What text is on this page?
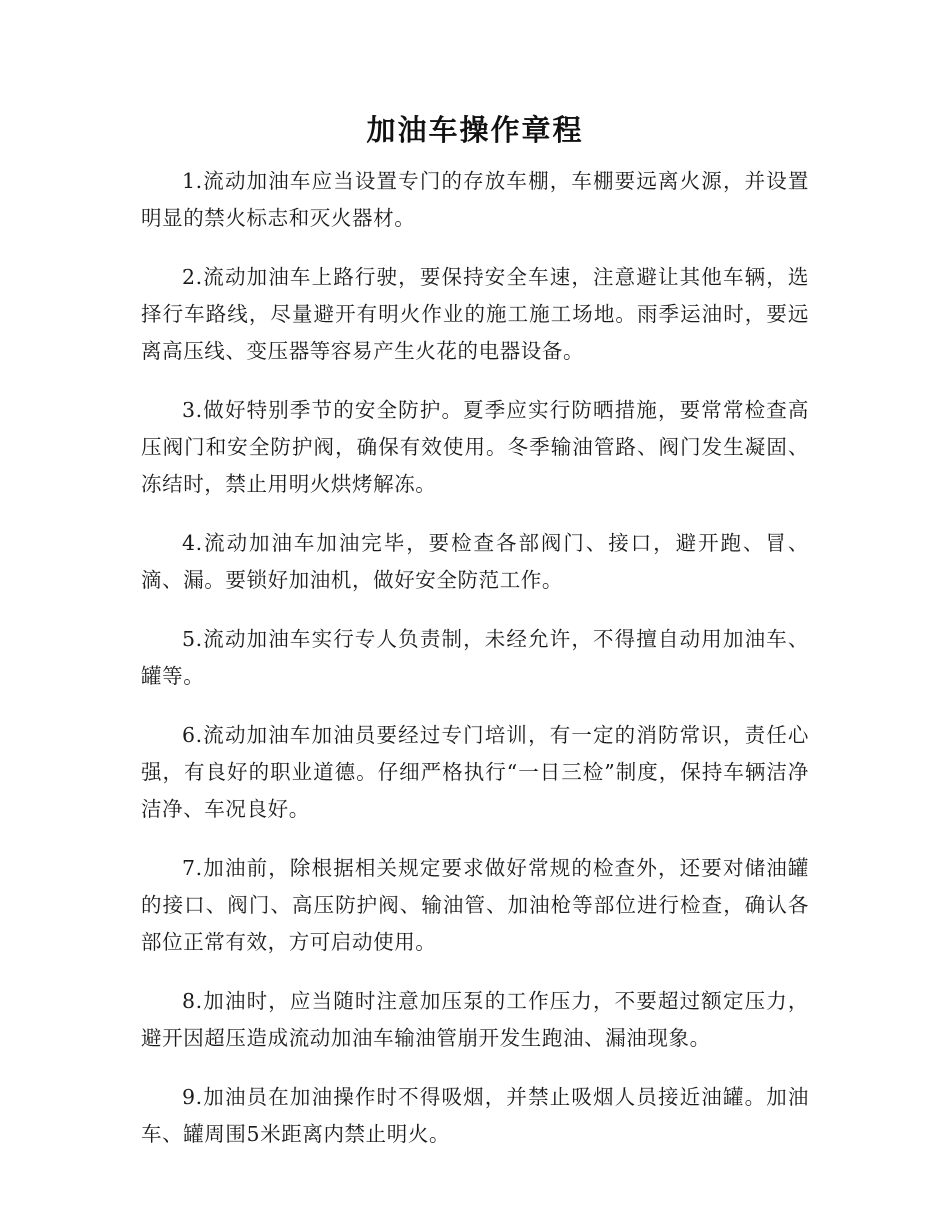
加油车操作章程

1.流动加油车应当设置专门的存放车棚，车棚要远离火源，并设置明显的禁火标志和灭火器材。

2.流动加油车上路行驶，要保持安全车速，注意避让其他车辆，选择行车路线，尽量避开有明火作业的施工施工场地。雨季运油时，要远离高压线、变压器等容易产生火花的电器设备。

3.做好特别季节的安全防护。夏季应实行防晒措施，要常常检查高压阀门和安全防护阀，确保有效使用。冬季输油管路、阀门发生凝固、冻结时，禁止用明火烘烤解冻。

4.流动加油车加油完毕，要检查各部阀门、接口，避开跑、冒、滴、漏。要锁好加油机，做好安全防范工作。

5.流动加油车实行专人负责制，未经允许，不得擅自动用加油车、罐等。

6.流动加油车加油员要经过专门培训，有一定的消防常识，责任心强，有良好的职业道德。仔细严格执行“一日三检”制度，保持车辆洁净洁净、车况良好。

7.加油前，除根据相关规定要求做好常规的检查外，还要对储油罐的接口、阀门、高压防护阀、输油管、加油枪等部位进行检查，确认各部位正常有效，方可启动使用。

8.加油时，应当随时注意加压泵的工作压力，不要超过额定压力，避开因超压造成流动加油车输油管崩开发生跑油、漏油现象。

9.加油员在加油操作时不得吸烟，并禁止吸烟人员接近油罐。加油车、罐周围5米距离内禁止明火。
